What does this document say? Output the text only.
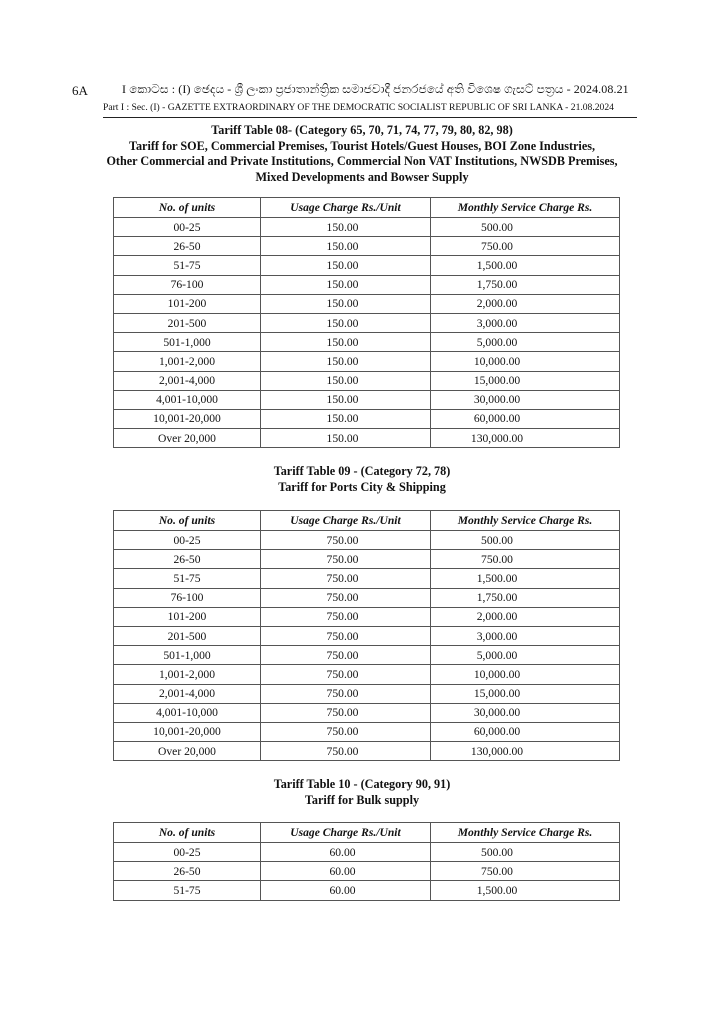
6A	I කොටස : (I) ඡෙදය - ශ්‍රී ලංකා ප්‍රජාතාන්ත්‍රික සමාජවාදී ජනරජයේ අති විශෙෂ ගැසට් පත්‍රය - 2024.08.21
Part I : Sec. (I) - GAZETTE EXTRAORDINARY OF THE DEMOCRATIC SOCIALIST REPUBLIC OF SRI LANKA - 21.08.2024
Tariff Table 08- (Category 65, 70, 71, 74, 77, 79, 80, 82, 98)
Tariff for SOE, Commercial Premises, Tourist Hotels/Guest Houses, BOI Zone Industries,
Other Commercial and Private Institutions, Commercial Non VAT Institutions, NWSDB Premises,
Mixed Developments and Bowser Supply
No. of units	Usage Charge Rs./Unit	Monthly Service Charge Rs.
00-25	150.00	500.00
26-50	150.00	750.00
51-75	150.00	1,500.00
76-100	150.00	1,750.00
101-200	150.00	2,000.00
201-500	150.00	3,000.00
501-1,000	150.00	5,000.00
1,001-2,000	150.00	10,000.00
2,001-4,000	150.00	15,000.00
4,001-10,000	150.00	30,000.00
10,001-20,000	150.00	60,000.00
Over 20,000	150.00	130,000.00
Tariff Table 09 - (Category 72, 78)
Tariff for Ports City & Shipping
No. of units	Usage Charge Rs./Unit	Monthly Service Charge Rs.
00-25	750.00	500.00
26-50	750.00	750.00
51-75	750.00	1,500.00
76-100	750.00	1,750.00
101-200	750.00	2,000.00
201-500	750.00	3,000.00
501-1,000	750.00	5,000.00
1,001-2,000	750.00	10,000.00
2,001-4,000	750.00	15,000.00
4,001-10,000	750.00	30,000.00
10,001-20,000	750.00	60,000.00
Over 20,000	750.00	130,000.00
Tariff Table 10 - (Category 90, 91)
Tariff for Bulk supply
No. of units	Usage Charge Rs./Unit	Monthly Service Charge Rs.
00-25	60.00	500.00
26-50	60.00	750.00
51-75	60.00	1,500.00
